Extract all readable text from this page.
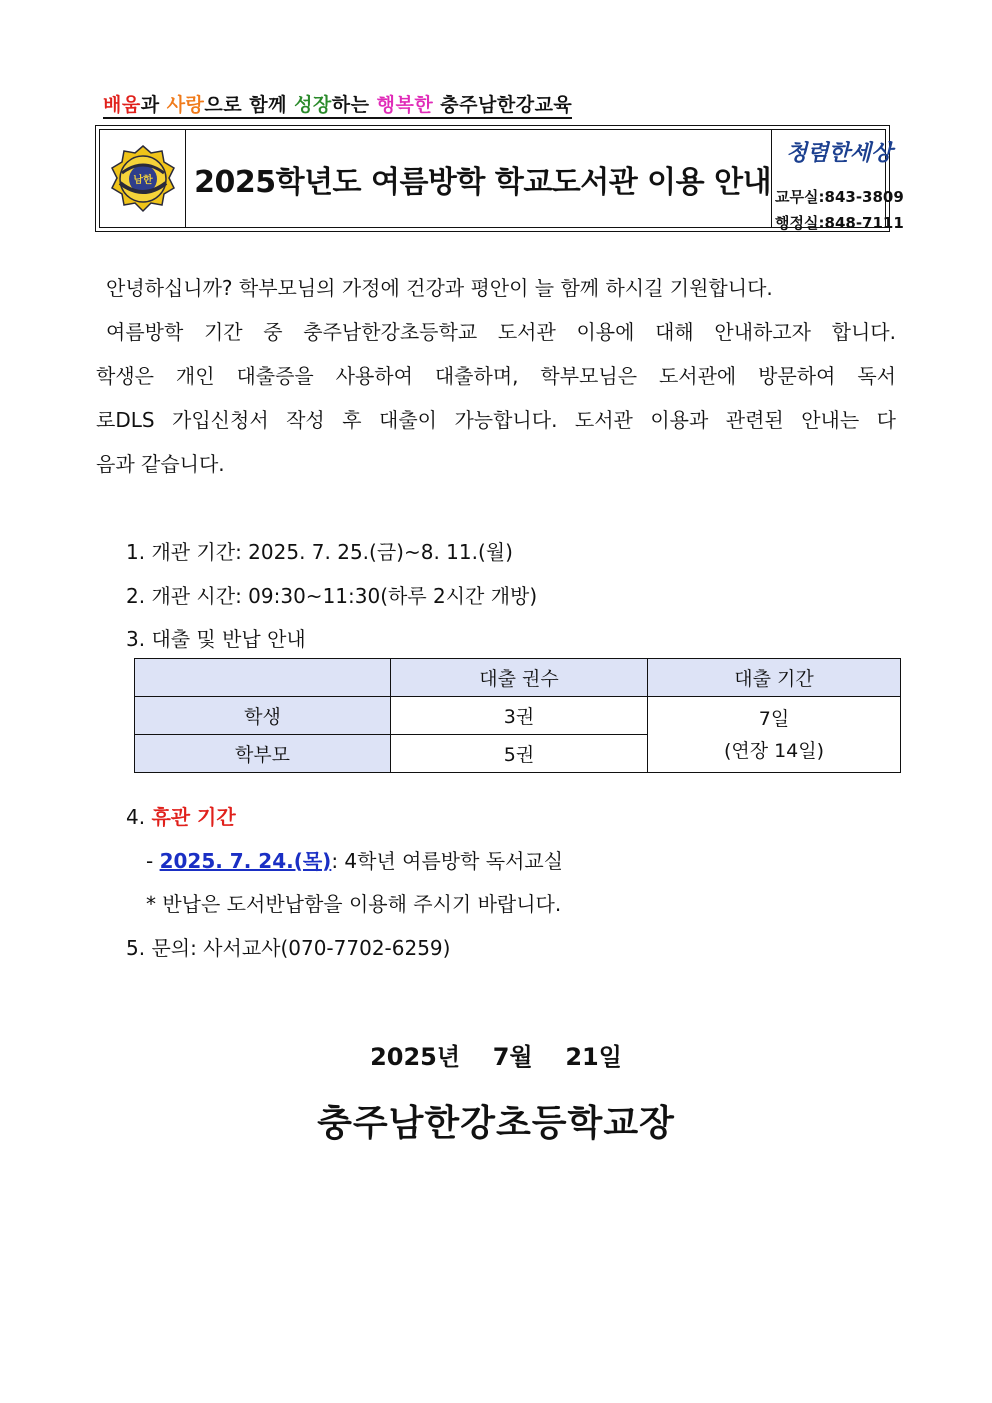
배움과 사랑으로 함께 성장하는 행복한 충주남한강교육
남한 2025학년도 여름방학 학교도서관 이용 안내
청렴한세상
교무실:843-3809
행정실:848-7111
안녕하십니까? 학부모님의 가정에 건강과 평안이 늘 함께 하시길 기원합니다.
여름방학 기간 중 충주남한강초등학교 도서관 이용에 대해 안내하고자 합니다.
학생은 개인 대출증을 사용하여 대출하며, 학부모님은 도서관에 방문하여 독서
로DLS 가입신청서 작성 후 대출이 가능합니다. 도서관 이용과 관련된 안내는 다
음과 같습니다.
1. 개관 기간: 2025. 7. 25.(금)~8. 11.(월)
2. 개관 시간: 09:30~11:30(하루 2시간 개방)
3. 대출 및 반납 안내
	대출 권수	대출 기간
학생	3권	7일
(연장 14일)
학부모	5권	
4. 휴관 기간
- 2025. 7. 24.(목): 4학년 여름방학 독서교실
* 반납은 도서반납함을 이용해 주시기 바랍니다.
5. 문의: 사서교사(070-7702-6259)
2025년  7월  21일
충주남한강초등학교장
